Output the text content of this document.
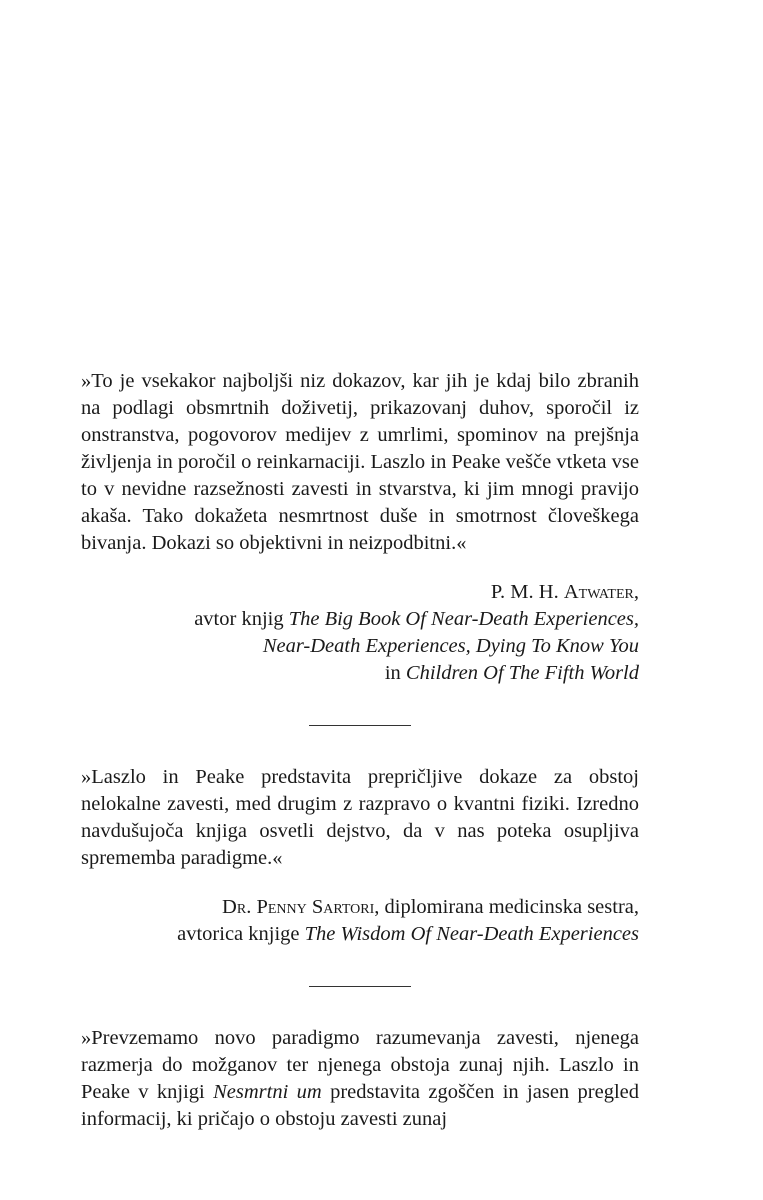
»To je vsekakor najboljši niz dokazov, kar jih je kdaj bilo zbranih na podlagi obsmrtnih doživetij, prikazovanj duhov, sporočil iz onstranstva, pogovorov medijev z umrlimi, spominov na prejšnja življenja in poročil o reinkarnaciji. Laszlo in Peake vešče vtketa vse to v nevidne razsežnosti zavesti in stvarstva, ki jim mnogi pravijo akaša. Tako dokažeta nesmrtnost duše in smotrnost človeškega bivanja. Dokazi so objektivni in neizpodbitni.«

P. M. H. Atwater,
avtor knjig The Big Book Of Near-Death Experiences,
Near-Death Experiences, Dying To Know You
in Children Of The Fifth World

»Laszlo in Peake predstavita prepričljive dokaze za obstoj nelokalne zavesti, med drugim z razpravo o kvantni fiziki. Izredno navdušujoča knjiga osvetli dejstvo, da v nas poteka osupljiva sprememba paradigme.«

Dr. Penny Sartori, diplomirana medicinska sestra,
avtorica knjige The Wisdom Of Near-Death Experiences

»Prevzemamo novo paradigmo razumevanja zavesti, njenega razmerja do možganov ter njenega obstoja zunaj njih. Laszlo in Peake v knjigi Nesmrtni um predstavita zgoščen in jasen pregled informacij, ki pričajo o obstoju zavesti zunaj
